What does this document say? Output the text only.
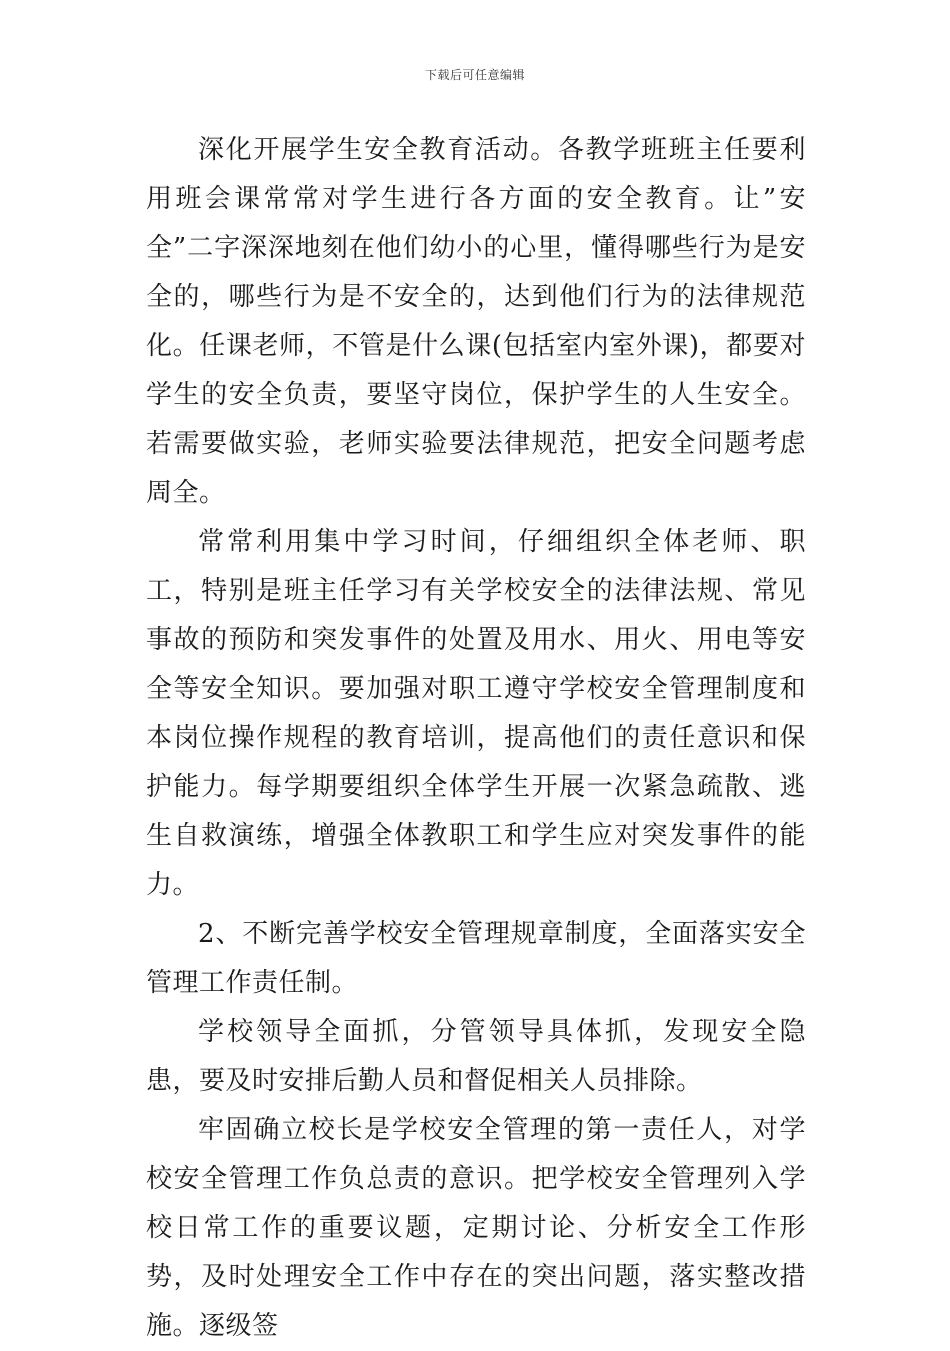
下载后可任意编辑

深化开展学生安全教育活动。各教学班班主任要利用班会课常常对学生进行各方面的安全教育。让”安全”二字深深地刻在他们幼小的心里，懂得哪些行为是安全的，哪些行为是不安全的，达到他们行为的法律规范化。任课老师，不管是什么课(包括室内室外课)，都要对学生的安全负责，要坚守岗位，保护学生的人生安全。若需要做实验，老师实验要法律规范，把安全问题考虑周全。

常常利用集中学习时间，仔细组织全体老师、职工，特别是班主任学习有关学校安全的法律法规、常见事故的预防和突发事件的处置及用水、用火、用电等安全等安全知识。要加强对职工遵守学校安全管理制度和本岗位操作规程的教育培训，提高他们的责任意识和保护能力。每学期要组织全体学生开展一次紧急疏散、逃生自救演练，增强全体教职工和学生应对突发事件的能力。

2、不断完善学校安全管理规章制度，全面落实安全管理工作责任制。

学校领导全面抓，分管领导具体抓，发现安全隐患，要及时安排后勤人员和督促相关人员排除。

牢固确立校长是学校安全管理的第一责任人，对学校安全管理工作负总责的意识。把学校安全管理列入学校日常工作的重要议题，定期讨论、分析安全工作形势，及时处理安全工作中存在的突出问题，落实整改措施。逐级签
